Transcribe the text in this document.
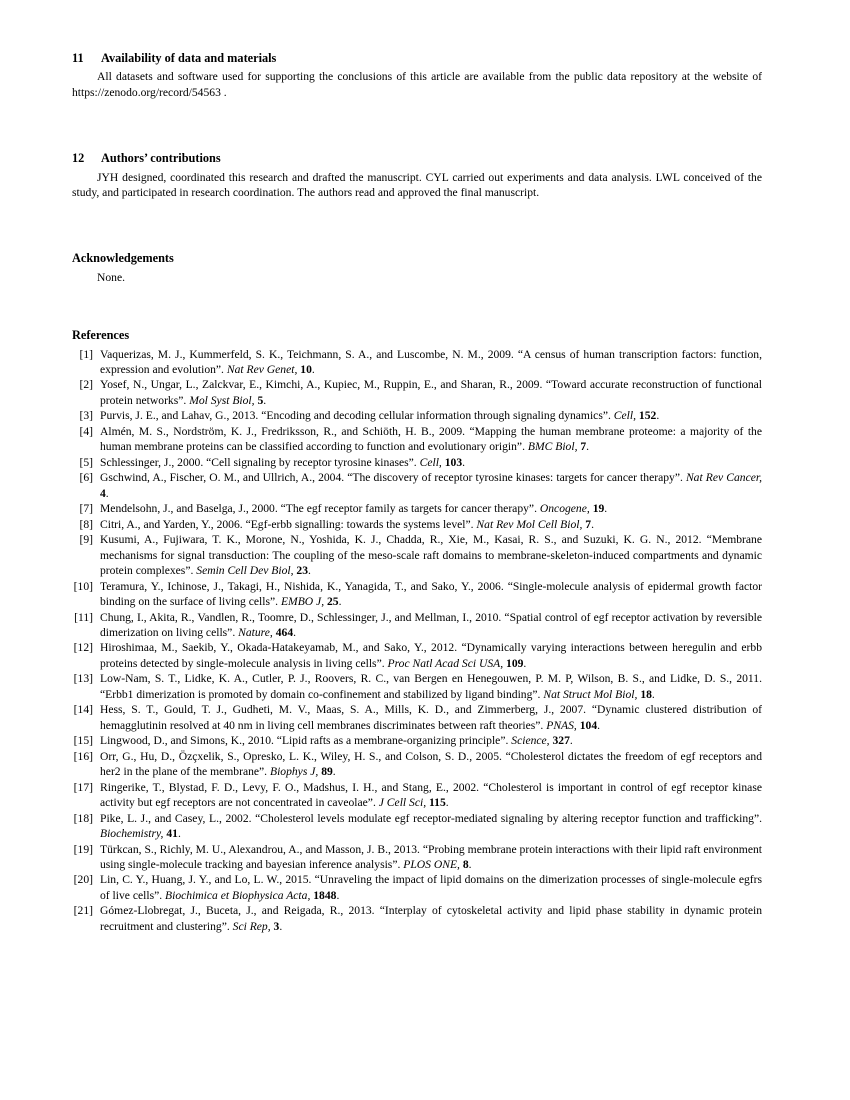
11	Availability of data and materials

All datasets and software used for supporting the conclusions of this article are available from the public data repository at the website of https://zenodo.org/record/54563 .

12	Authors’ contributions

JYH designed, coordinated this research and drafted the manuscript. CYL carried out experiments and data analysis. LWL conceived of the study, and participated in research coordination. The authors read and approved the final manuscript.

Acknowledgements

None.

References
[1] Vaquerizas, M. J., Kummerfeld, S. K., Teichmann, S. A., and Luscombe, N. M., 2009. “A census of human transcription factors: function, expression and evolution”. Nat Rev Genet, 10.
[2] Yosef, N., Ungar, L., Zalckvar, E., Kimchi, A., Kupiec, M., Ruppin, E., and Sharan, R., 2009. “Toward accurate reconstruction of functional protein networks”. Mol Syst Biol, 5.
[3] Purvis, J. E., and Lahav, G., 2013. “Encoding and decoding cellular information through signaling dynamics”. Cell, 152.
[4] Almén, M. S., Nordström, K. J., Fredriksson, R., and Schiöth, H. B., 2009. “Mapping the human membrane proteome: a majority of the human membrane proteins can be classified according to function and evolutionary origin”. BMC Biol, 7.
[5] Schlessinger, J., 2000. “Cell signaling by receptor tyrosine kinases”. Cell, 103.
[6] Gschwind, A., Fischer, O. M., and Ullrich, A., 2004. “The discovery of receptor tyrosine kinases: targets for cancer therapy”. Nat Rev Cancer, 4.
[7] Mendelsohn, J., and Baselga, J., 2000. “The egf receptor family as targets for cancer therapy”. Oncogene, 19.
[8] Citri, A., and Yarden, Y., 2006. “Egf-erbb signalling: towards the systems level”. Nat Rev Mol Cell Biol, 7.
[9] Kusumi, A., Fujiwara, T. K., Morone, N., Yoshida, K. J., Chadda, R., Xie, M., Kasai, R. S., and Suzuki, K. G. N., 2012. “Membrane mechanisms for signal transduction: The coupling of the meso-scale raft domains to membrane-skeleton-induced compartments and dynamic protein complexes”. Semin Cell Dev Biol, 23.
[10] Teramura, Y., Ichinose, J., Takagi, H., Nishida, K., Yanagida, T., and Sako, Y., 2006. “Single-molecule analysis of epidermal growth factor binding on the surface of living cells”. EMBO J, 25.
[11] Chung, I., Akita, R., Vandlen, R., Toomre, D., Schlessinger, J., and Mellman, I., 2010. “Spatial control of egf receptor activation by reversible dimerization on living cells”. Nature, 464.
[12] Hiroshimaa, M., Saekib, Y., Okada-Hatakeyamab, M., and Sako, Y., 2012. “Dynamically varying interactions between heregulin and erbb proteins detected by single-molecule analysis in living cells”. Proc Natl Acad Sci USA, 109.
[13] Low-Nam, S. T., Lidke, K. A., Cutler, P. J., Roovers, R. C., van Bergen en Henegouwen, P. M. P, Wilson, B. S., and Lidke, D. S., 2011. “Erbb1 dimerization is promoted by domain co-confinement and stabilized by ligand binding”. Nat Struct Mol Biol, 18.
[14] Hess, S. T., Gould, T. J., Gudheti, M. V., Maas, S. A., Mills, K. D., and Zimmerberg, J., 2007. “Dynamic clustered distribution of hemagglutinin resolved at 40 nm in living cell membranes discriminates between raft theories”. PNAS, 104.
[15] Lingwood, D., and Simons, K., 2010. “Lipid rafts as a membrane-organizing principle”. Science, 327.
[16] Orr, G., Hu, D., Özçxelik, S., Opresko, L. K., Wiley, H. S., and Colson, S. D., 2005. “Cholesterol dictates the freedom of egf receptors and her2 in the plane of the membrane”. Biophys J, 89.
[17] Ringerike, T., Blystad, F. D., Levy, F. O., Madshus, I. H., and Stang, E., 2002. “Cholesterol is important in control of egf receptor kinase activity but egf receptors are not concentrated in caveolae”. J Cell Sci, 115.
[18] Pike, L. J., and Casey, L., 2002. “Cholesterol levels modulate egf receptor-mediated signaling by altering receptor function and trafficking”. Biochemistry, 41.
[19] Türkcan, S., Richly, M. U., Alexandrou, A., and Masson, J. B., 2013. “Probing membrane protein interactions with their lipid raft environment using single-molecule tracking and bayesian inference analysis”. PLOS ONE, 8.
[20] Lin, C. Y., Huang, J. Y., and Lo, L. W., 2015. “Unraveling the impact of lipid domains on the dimerization processes of single-molecule egfrs of live cells”. Biochimica et Biophysica Acta, 1848.
[21] Gómez-Llobregat, J., Buceta, J., and Reigada, R., 2013. “Interplay of cytoskeletal activity and lipid phase stability in dynamic protein recruitment and clustering”. Sci Rep, 3.
